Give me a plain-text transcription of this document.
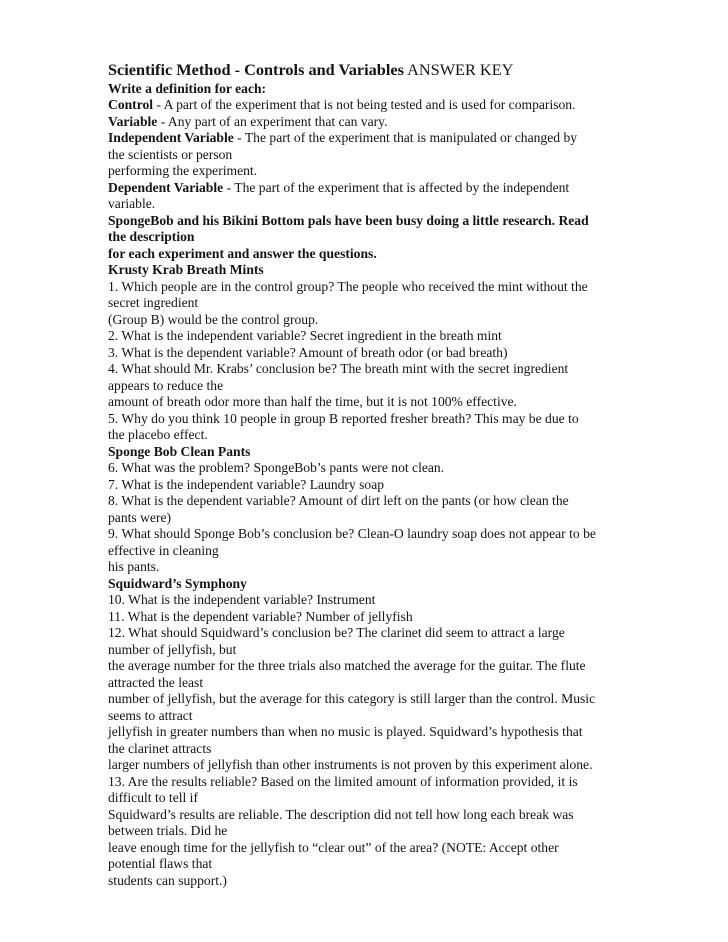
Scientific Method - Controls and Variables ANSWER KEY
Write a definition for each:
Control - A part of the experiment that is not being tested and is used for comparison.
Variable - Any part of an experiment that can vary.
Independent Variable - The part of the experiment that is manipulated or changed by
the scientists or person
performing the experiment.
Dependent Variable - The part of the experiment that is affected by the independent
variable.
SpongeBob and his Bikini Bottom pals have been busy doing a little research. Read
the description
for each experiment and answer the questions.
Krusty Krab Breath Mints
1. Which people are in the control group? The people who received the mint without the
secret ingredient
(Group B) would be the control group.
2. What is the independent variable? Secret ingredient in the breath mint
3. What is the dependent variable? Amount of breath odor (or bad breath)
4. What should Mr. Krabs’ conclusion be? The breath mint with the secret ingredient
appears to reduce the
amount of breath odor more than half the time, but it is not 100% effective.
5. Why do you think 10 people in group B reported fresher breath? This may be due to
the placebo effect.
Sponge Bob Clean Pants
6. What was the problem? SpongeBob’s pants were not clean.
7. What is the independent variable? Laundry soap
8. What is the dependent variable? Amount of dirt left on the pants (or how clean the
pants were)
9. What should Sponge Bob’s conclusion be? Clean-O laundry soap does not appear to be
effective in cleaning
his pants.
Squidward’s Symphony
10. What is the independent variable? Instrument
11. What is the dependent variable? Number of jellyfish
12. What should Squidward’s conclusion be? The clarinet did seem to attract a large
number of jellyfish, but
the average number for the three trials also matched the average for the guitar. The flute
attracted the least
number of jellyfish, but the average for this category is still larger than the control. Music
seems to attract
jellyfish in greater numbers than when no music is played. Squidward’s hypothesis that
the clarinet attracts
larger numbers of jellyfish than other instruments is not proven by this experiment alone.
13. Are the results reliable? Based on the limited amount of information provided, it is
difficult to tell if
Squidward’s results are reliable. The description did not tell how long each break was
between trials. Did he
leave enough time for the jellyfish to “clear out” of the area? (NOTE: Accept other
potential flaws that
students can support.)
